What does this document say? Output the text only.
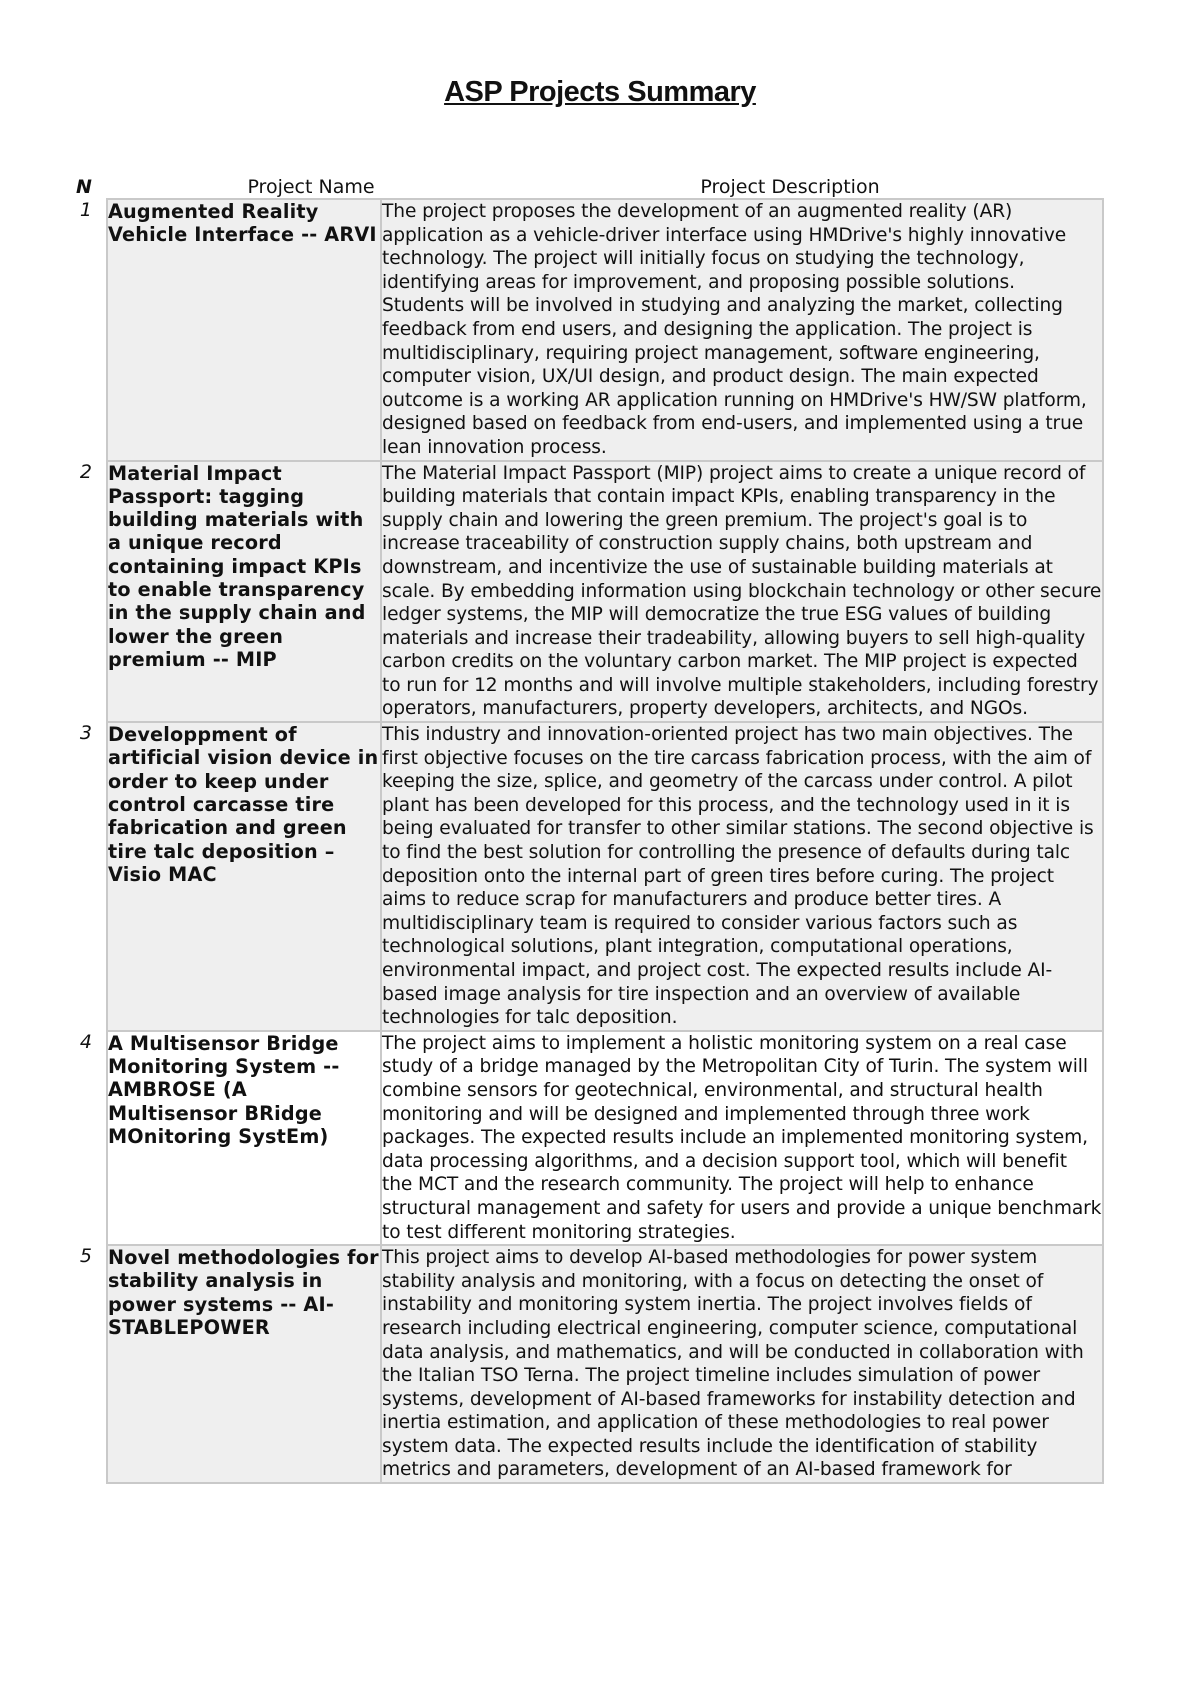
ASP Projects Summary
N	Project Name	Project Description
1	Augmented Reality Vehicle Interface -- ARVI	The project proposes the development of an augmented reality (AR) application as a vehicle-driver interface using HMDrive's highly innovative technology. The project will initially focus on studying the technology, identifying areas for improvement, and proposing possible solutions. Students will be involved in studying and analyzing the market, collecting feedback from end users, and designing the application. The project is multidisciplinary, requiring project management, software engineering, computer vision, UX/UI design, and product design. The main expected outcome is a working AR application running on HMDrive's HW/SW platform, designed based on feedback from end-users, and implemented using a true lean innovation process.
2	Material Impact Passport: tagging building materials with a unique record containing impact KPIs to enable transparency in the supply chain and lower the green premium -- MIP	The Material Impact Passport (MIP) project aims to create a unique record of building materials that contain impact KPIs, enabling transparency in the supply chain and lowering the green premium. The project's goal is to increase traceability of construction supply chains, both upstream and downstream, and incentivize the use of sustainable building materials at scale. By embedding information using blockchain technology or other secure ledger systems, the MIP will democratize the true ESG values of building materials and increase their tradeability, allowing buyers to sell high-quality carbon credits on the voluntary carbon market. The MIP project is expected to run for 12 months and will involve multiple stakeholders, including forestry operators, manufacturers, property developers, architects, and NGOs.
3	Developpment of artificial vision device in order to keep under control carcasse tire fabrication and green tire talc deposition – Visio MAC	This industry and innovation-oriented project has two main objectives. The first objective focuses on the tire carcass fabrication process, with the aim of keeping the size, splice, and geometry of the carcass under control. A pilot plant has been developed for this process, and the technology used in it is being evaluated for transfer to other similar stations. The second objective is to find the best solution for controlling the presence of defaults during talc deposition onto the internal part of green tires before curing. The project aims to reduce scrap for manufacturers and produce better tires. A multidisciplinary team is required to consider various factors such as technological solutions, plant integration, computational operations, environmental impact, and project cost. The expected results include AI-based image analysis for tire inspection and an overview of available technologies for talc deposition.
4	A Multisensor Bridge Monitoring System -- AMBROSE (A Multisensor BRidge MOnitoring SystEm)	The project aims to implement a holistic monitoring system on a real case study of a bridge managed by the Metropolitan City of Turin. The system will combine sensors for geotechnical, environmental, and structural health monitoring and will be designed and implemented through three work packages. The expected results include an implemented monitoring system, data processing algorithms, and a decision support tool, which will benefit the MCT and the research community. The project will help to enhance structural management and safety for users and provide a unique benchmark to test different monitoring strategies.
5	Novel methodologies for stability analysis in power systems -- AI-STABLEPOWER	This project aims to develop AI-based methodologies for power system stability analysis and monitoring, with a focus on detecting the onset of instability and monitoring system inertia. The project involves fields of research including electrical engineering, computer science, computational data analysis, and mathematics, and will be conducted in collaboration with the Italian TSO Terna. The project timeline includes simulation of power systems, development of AI-based frameworks for instability detection and inertia estimation, and application of these methodologies to real power system data. The expected results include the identification of stability metrics and parameters, development of an AI-based framework for
